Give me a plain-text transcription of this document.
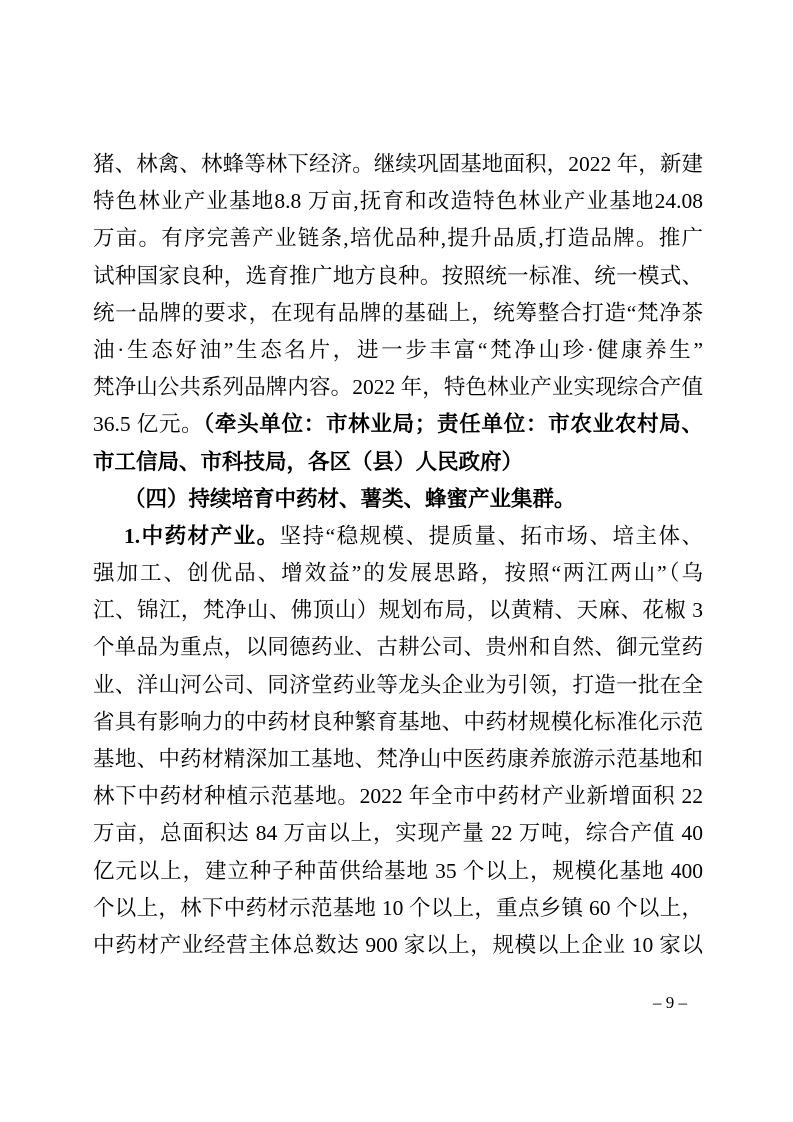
猪、林禽、林蜂等林下经济。继续巩固基地面积，2022 年，新建
特色林业产业基地8.8 万亩,抚育和改造特色林业产业基地24.08
万亩。有序完善产业链条,培优品种,提升品质,打造品牌。推广
试种国家良种，选育推广地方良种。按照统一标准、统一模式、
统一品牌的要求，在现有品牌的基础上，统筹整合打造“梵净茶
油·生态好油”生态名片，进一步丰富“梵净山珍·健康养生”
梵净山公共系列品牌内容。2022 年，特色林业产业实现综合产值
36.5 亿元。（牵头单位：市林业局；责任单位：市农业农村局、
市工信局、市科技局，各区（县）人民政府）
（四）持续培育中药材、薯类、蜂蜜产业集群。
1.中药材产业。坚持“稳规模、提质量、拓市场、培主体、
强加工、创优品、增效益”的发展思路，按照“两江两山”（乌
江、锦江，梵净山、佛顶山）规划布局，以黄精、天麻、花椒 3
个单品为重点，以同德药业、古耕公司、贵州和自然、御元堂药
业、洋山河公司、同济堂药业等龙头企业为引领，打造一批在全
省具有影响力的中药材良种繁育基地、中药材规模化标准化示范
基地、中药材精深加工基地、梵净山中医药康养旅游示范基地和
林下中药材种植示范基地。2022 年全市中药材产业新增面积 22
万亩，总面积达 84 万亩以上，实现产量 22 万吨，综合产值 40
亿元以上，建立种子种苗供给基地 35 个以上，规模化基地 400
个以上，林下中药材示范基地 10 个以上，重点乡镇 60 个以上，
中药材产业经营主体总数达 900 家以上，规模以上企业 10 家以
– 9 –
